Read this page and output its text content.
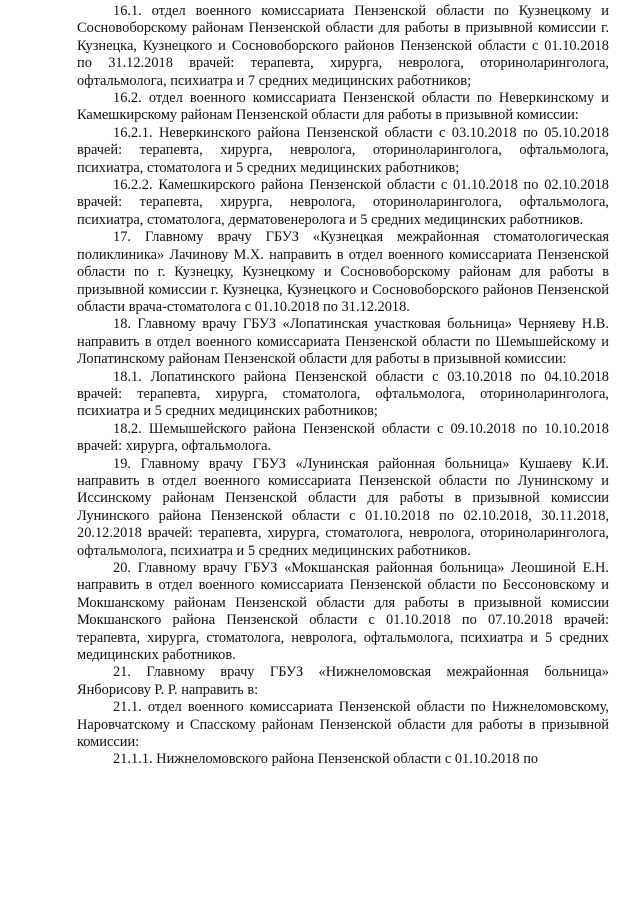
16.1. отдел военного комиссариата Пензенской области по Кузнецкому и Сосновоборскому районам Пензенской области для работы в призывной комиссии г. Кузнецка, Кузнецкого и Сосновоборского районов Пензенской области с 01.10.2018 по 31.12.2018 врачей: терапевта, хирурга, невролога, оториноларинголога, офтальмолога, психиатра и 7 средних медицинских работников;

16.2. отдел военного комиссариата Пензенской области по Неверкинскому и Камешкирскому районам Пензенской области для работы в призывной комиссии:

16.2.1. Неверкинского района Пензенской области с 03.10.2018 по 05.10.2018 врачей: терапевта, хирурга, невролога, оториноларинголога, офтальмолога, психиатра, стоматолога и 5 средних медицинских работников;

16.2.2. Камешкирского района Пензенской области с 01.10.2018 по 02.10.2018 врачей: терапевта, хирурга, невролога, оториноларинголога, офтальмолога, психиатра, стоматолога, дерматовенеролога и 5 средних медицинских работников.

17. Главному врачу ГБУЗ «Кузнецкая межрайонная стоматологическая поликлиника» Лачинову М.Х. направить в отдел военного комиссариата Пензенской области по г. Кузнецку, Кузнецкому и Сосновоборскому районам для работы в призывной комиссии г. Кузнецка, Кузнецкого и Сосновоборского районов Пензенской области врача-стоматолога с 01.10.2018 по 31.12.2018.

18. Главному врачу ГБУЗ «Лопатинская участковая больница» Черняеву Н.В. направить в отдел военного комиссариата Пензенской области по Шемышейскому и Лопатинскому районам Пензенской области для работы в призывной комиссии:

18.1. Лопатинского района Пензенской области с 03.10.2018 по 04.10.2018 врачей: терапевта, хирурга, стоматолога, офтальмолога, оториноларинголога, психиатра и 5 средних медицинских работников;

18.2. Шемышейского района Пензенской области с 09.10.2018 по 10.10.2018 врачей: хирурга, офтальмолога.

19. Главному врачу ГБУЗ «Лунинская районная больница» Кушаеву К.И. направить в отдел военного комиссариата Пензенской области по Лунинскому и Иссинскому районам Пензенской области для работы в призывной комиссии Лунинского района Пензенской области с 01.10.2018 по 02.10.2018, 30.11.2018, 20.12.2018 врачей: терапевта, хирурга, стоматолога, невролога, оториноларинголога, офтальмолога, психиатра и 5 средних медицинских работников.

20. Главному врачу ГБУЗ «Мокшанская районная больница» Леошиной Е.Н. направить в отдел военного комиссариата Пензенской области по Бессоновскому и Мокшанскому районам Пензенской области для работы в призывной комиссии Мокшанского района Пензенской области с 01.10.2018 по 07.10.2018 врачей: терапевта, хирурга, стоматолога, невролога, офтальмолога, психиатра и 5 средних медицинских работников.

21. Главному врачу ГБУЗ «Нижнеломовская межрайонная больница» Янборисову Р. Р. направить в:

21.1. отдел военного комиссариата Пензенской области по Нижнеломовскому, Наровчатскому и Спасскому районам Пензенской области для работы в призывной комиссии:

21.1.1. Нижнеломовского района Пензенской области с 01.10.2018 по
